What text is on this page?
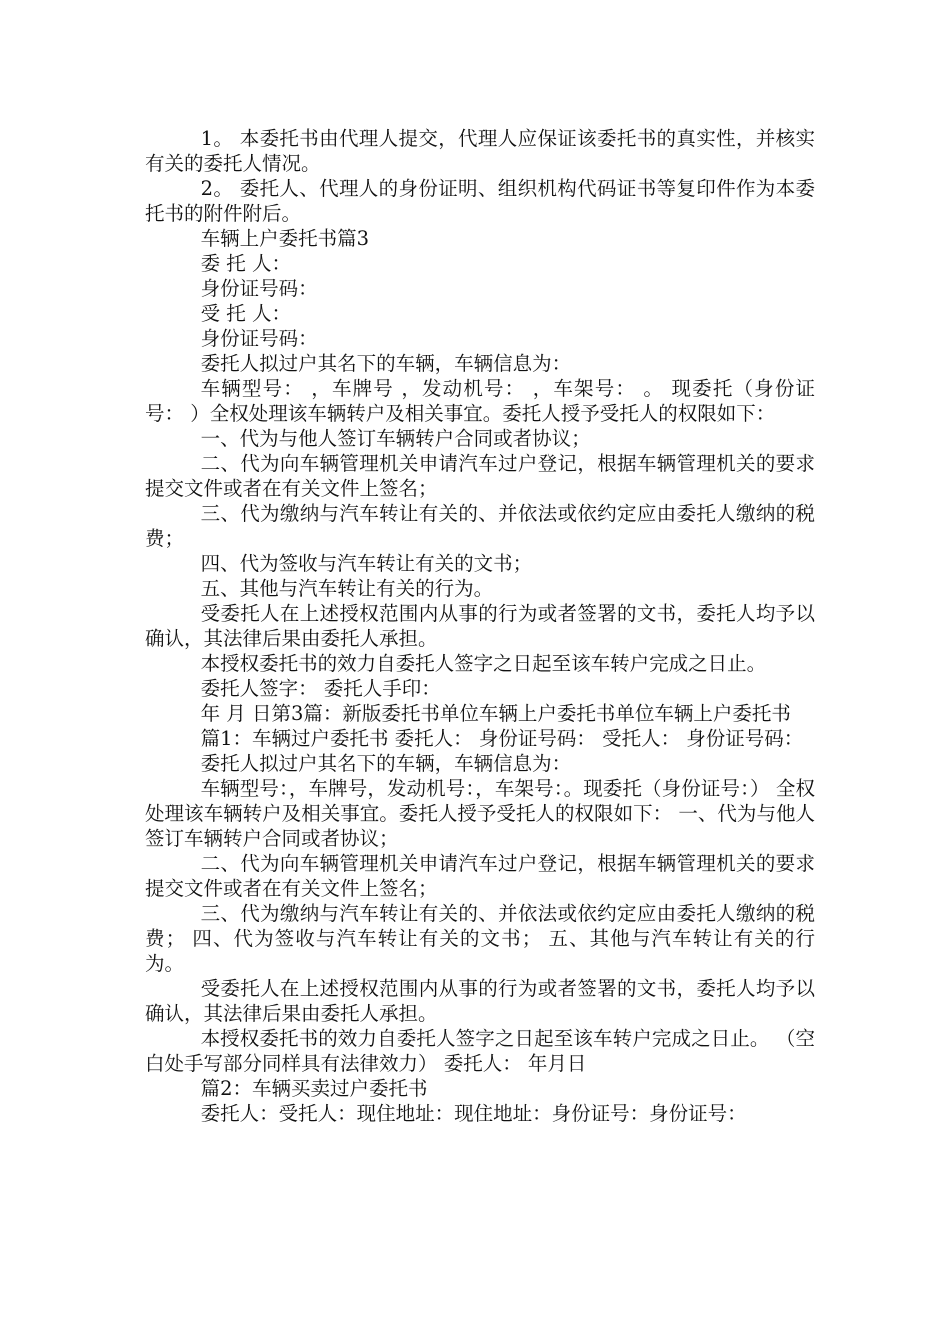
1。 本委托书由代理人提交，代理人应保证该委托书的真实性，并核实有关的委托人情况。

2。 委托人、代理人的身份证明、组织机构代码证书等复印件作为本委托书的附件附后。

车辆上户委托书篇3

委 托 人：

身份证号码：

受 托 人：

身份证号码：

委托人拟过户其名下的车辆，车辆信息为：

车辆型号： ，车牌号 ，发动机号： ，车架号： 。 现委托（身份证号： ）全权处理该车辆转户及相关事宜。委托人授予受托人的权限如下：

一、代为与他人签订车辆转户合同或者协议；

二、代为向车辆管理机关申请汽车过户登记，根据车辆管理机关的要求提交文件或者在有关文件上签名；

三、代为缴纳与汽车转让有关的、并依法或依约定应由委托人缴纳的税费；

四、代为签收与汽车转让有关的文书；

五、其他与汽车转让有关的行为。

受委托人在上述授权范围内从事的行为或者签署的文书，委托人均予以确认，其法律后果由委托人承担。

本授权委托书的效力自委托人签字之日起至该车转户完成之日止。

委托人签字： 委托人手印：

年 月 日第3篇：新版委托书单位车辆上户委托书单位车辆上户委托书

篇1：车辆过户委托书 委托人： 身份证号码： 受托人： 身份证号码：

委托人拟过户其名下的车辆，车辆信息为：

车辆型号：，车牌号，发动机号：，车架号：。现委托（身份证号：） 全权处理该车辆转户及相关事宜。委托人授予受托人的权限如下： 一、代为与他人签订车辆转户合同或者协议；

二、代为向车辆管理机关申请汽车过户登记，根据车辆管理机关的要求提交文件或者在有关文件上签名；

三、代为缴纳与汽车转让有关的、并依法或依约定应由委托人缴纳的税费； 四、代为签收与汽车转让有关的文书； 五、其他与汽车转让有关的行为。

受委托人在上述授权范围内从事的行为或者签署的文书，委托人均予以确认，其法律后果由委托人承担。

本授权委托书的效力自委托人签字之日起至该车转户完成之日止。 （空白处手写部分同样具有法律效力） 委托人： 年月日

篇2：车辆买卖过户委托书

委托人：受托人：现住地址：现住地址：身份证号：身份证号：
